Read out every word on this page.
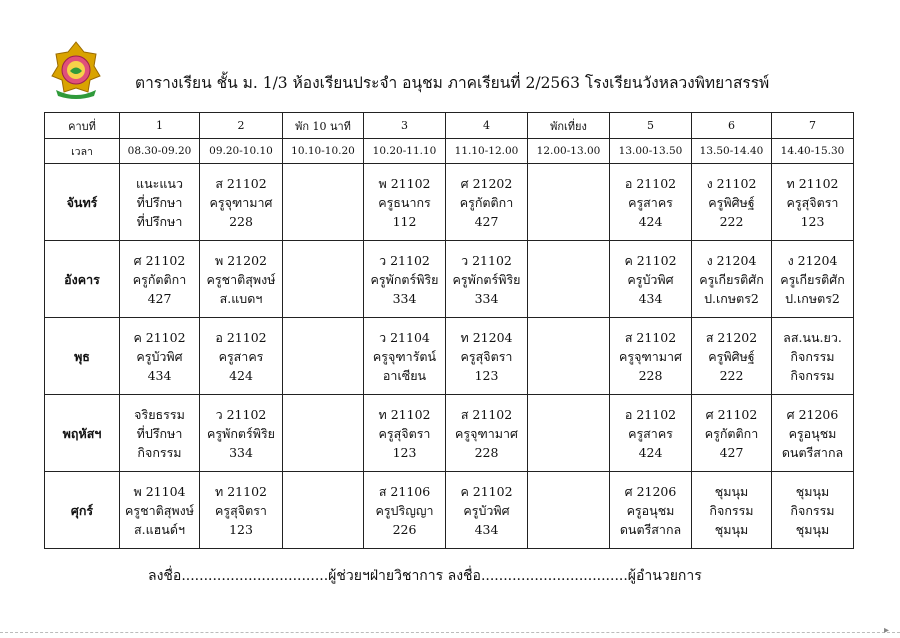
ตารางเรียน ชั้น ม. 1/3 ห้องเรียนประจำ อนุชม ภาคเรียนที่ 2/2563 โรงเรียนวังหลวงพิทยาสรรพ์
คาบที่	1	2	พัก 10 นาที	3	4	พักเที่ยง	5	6	7
เวลา	08.30-09.20	09.20-10.10	10.10-10.20	10.20-11.10	11.10-12.00	12.00-13.00	13.00-13.50	13.50-14.40	14.40-15.30
จันทร์	แนะแนว
ที่ปรึกษา
ที่ปรึกษา	ส 21102
ครูจุฑามาศ
228		พ 21102
ครูธนากร
112	ศ 21202
ครูกัตติกา
427		อ 21102
ครูสาคร
424	ง 21102
ครูพิศิษฐ์
222	ท 21102
ครูสุจิตรา
123

อังคาร	ศ 21102
ครูกัตติกา
427	พ 21202
ครูชาติสุพงษ์
ส.แบดฯ		ว 21102
ครูพักตร์พิริย
334	ว 21102
ครูพักตร์พิริย
334		ค 21102
ครูบัวพิศ
434	ง 21204
ครูเกียรติศัก
ป.เกษตร2	ง 21204
ครูเกียรติศัก
ป.เกษตร2

พุธ	ค 21102
ครูบัวพิศ
434	อ 21102
ครูสาคร
424		ว 21104
ครูจุฑารัตน์
อาเซียน	ท 21204
ครูสุจิตรา
123		ส 21102
ครูจุฑามาศ
228	ส 21202
ครูพิศิษฐ์
222	ลส.นน.ยว.
กิจกรรม
กิจกรรม

พฤหัสฯ	จริยธรรม
ที่ปรึกษา
กิจกรรม	ว 21102
ครูพักตร์พิริย
334		ท 21102
ครูสุจิตรา
123	ส 21102
ครูจุฑามาศ
228		อ 21102
ครูสาคร
424	ศ 21102
ครูกัตติกา
427	ศ 21206
ครูอนุชม
ดนตรีสากล

ศุกร์	พ 21104
ครูชาติสุพงษ์
ส.แฮนด์ฯ	ท 21102
ครูสุจิตรา
123		ส 21106
ครูปริญญา
226	ค 21102
ครูบัวพิศ
434		ศ 21206
ครูอนุชม
ดนตรีสากล	ชุมนุม
กิจกรรม
ชุมนุม	ชุมนุม
กิจกรรม
ชุมนุม
ลงชื่อ.................................ผู้ช่วยฯฝ่ายวิชาการ ลงชื่อ.................................ผู้อำนวยการ
▸
